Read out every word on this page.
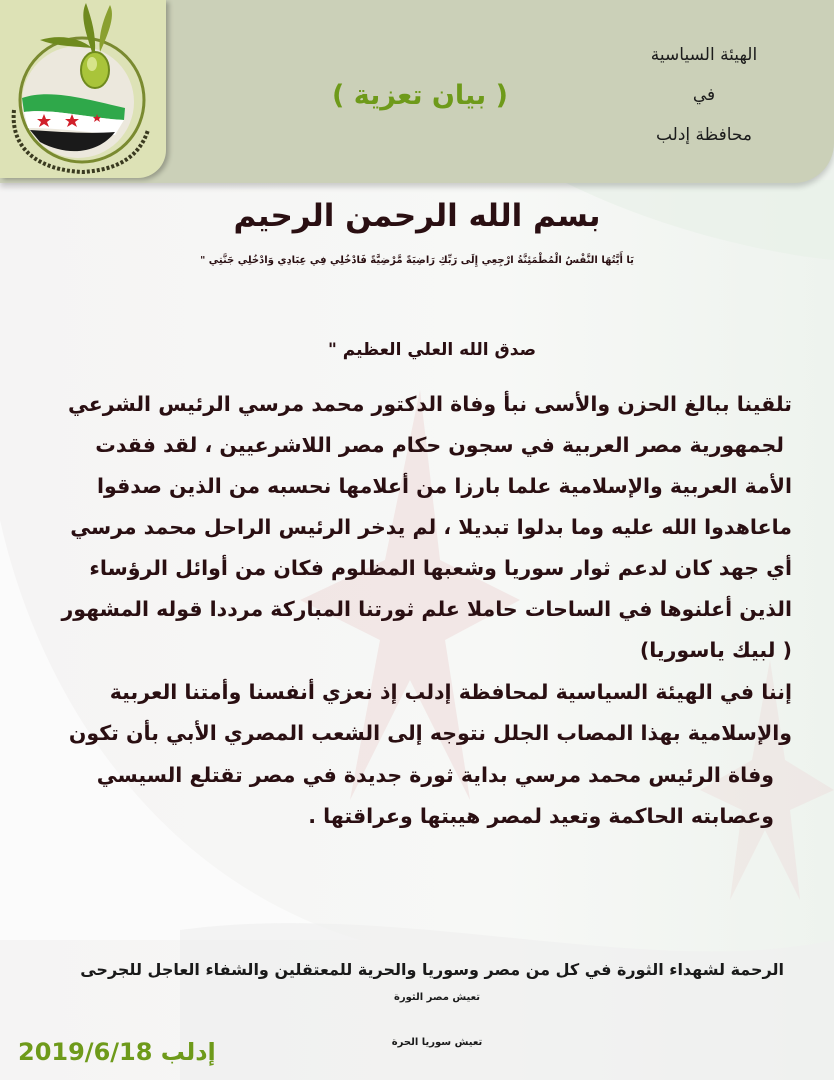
( بيان تعزية )
الهيئة السياسية
في
محافظة إدلب
بسم الله الرحمن الرحيم
يَا أَيَّتُهَا النَّفْسُ الْمُطْمَئِنَّةُ ارْجِعِي إِلَى رَبِّكِ رَاضِيَةً مَّرْضِيَّةً فَادْخُلِي فِي عِبَادِي وَادْخُلِي جَنَّتِي "
صدق الله العلي العظيم "
تلقينا ببالغ الحزن والأسى نبأ وفاة الدكتور محمد مرسي الرئيس الشرعي
لجمهورية مصر العربية في سجون حكام مصر اللاشرعيين ، لقد فقدت
الأمة العربية والإسلامية علما بارزا من أعلامها نحسبه من الذين صدقوا
ماعاهدوا الله عليه وما بدلوا تبديلا ، لم يدخر الرئيس الراحل محمد مرسي
أي جهد كان لدعم ثوار سوريا وشعبها المظلوم فكان من أوائل الرؤساء
الذين أعلنوها في الساحات حاملا علم ثورتنا المباركة مرددا قوله المشهور
( لبيك ياسوريا)
إننا في الهيئة السياسية لمحافظة إدلب إذ نعزي أنفسنا وأمتنا العربية
والإسلامية بهذا المصاب الجلل نتوجه إلى الشعب المصري الأبي بأن تكون
وفاة الرئيس محمد مرسي بداية ثورة جديدة في مصر تقتلع السيسي
وعصابته الحاكمة وتعيد لمصر هيبتها وعراقتها .
الرحمة لشهداء الثورة في كل من مصر وسوريا والحرية للمعتقلين والشفاء العاجل للجرحى
تعيش مصر الثورة
تعيش سوريا الحرة
إدلب 2019/6/18
